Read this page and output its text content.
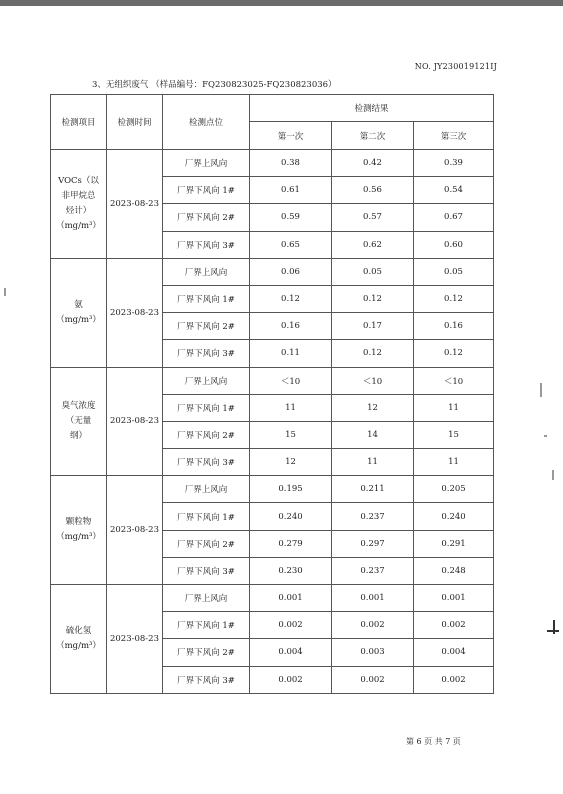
NO. JY230019121IJ
3、无组织废气 （样品编号：FQ230823025-FQ230823036）
检测项目	检测时间	检测点位	检测结果		
			第一次	第二次	第三次

VOCs（以
非甲烷总
烃计）
（mg/m³）	2023-08-23	厂界上风向	0.38	0.42	0.39
		厂界下风向 1#	0.61	0.56	0.54
		厂界下风向 2#	0.59	0.57	0.67
		厂界下风向 3#	0.65	0.62	0.60

氨
（mg/m³）	2023-08-23	厂界上风向	0.06	0.05	0.05
		厂界下风向 1#	0.12	0.12	0.12
		厂界下风向 2#	0.16	0.17	0.16
		厂界下风向 3#	0.11	0.12	0.12

臭气浓度
（无量
纲）	2023-08-23	厂界上风向	＜10	＜10	＜10
		厂界下风向 1#	11	12	11
		厂界下风向 2#	15	14	15
		厂界下风向 3#	12	11	11

颗粒物
（mg/m³）	2023-08-23	厂界上风向	0.195	0.211	0.205
		厂界下风向 1#	0.240	0.237	0.240
		厂界下风向 2#	0.279	0.297	0.291
		厂界下风向 3#	0.230	0.237	0.248

硫化氢
（mg/m³）	2023-08-23	厂界上风向	0.001	0.001	0.001
		厂界下风向 1#	0.002	0.002	0.002
		厂界下风向 2#	0.004	0.003	0.004
		厂界下风向 3#	0.002	0.002	0.002
第 6 页 共 7 页
